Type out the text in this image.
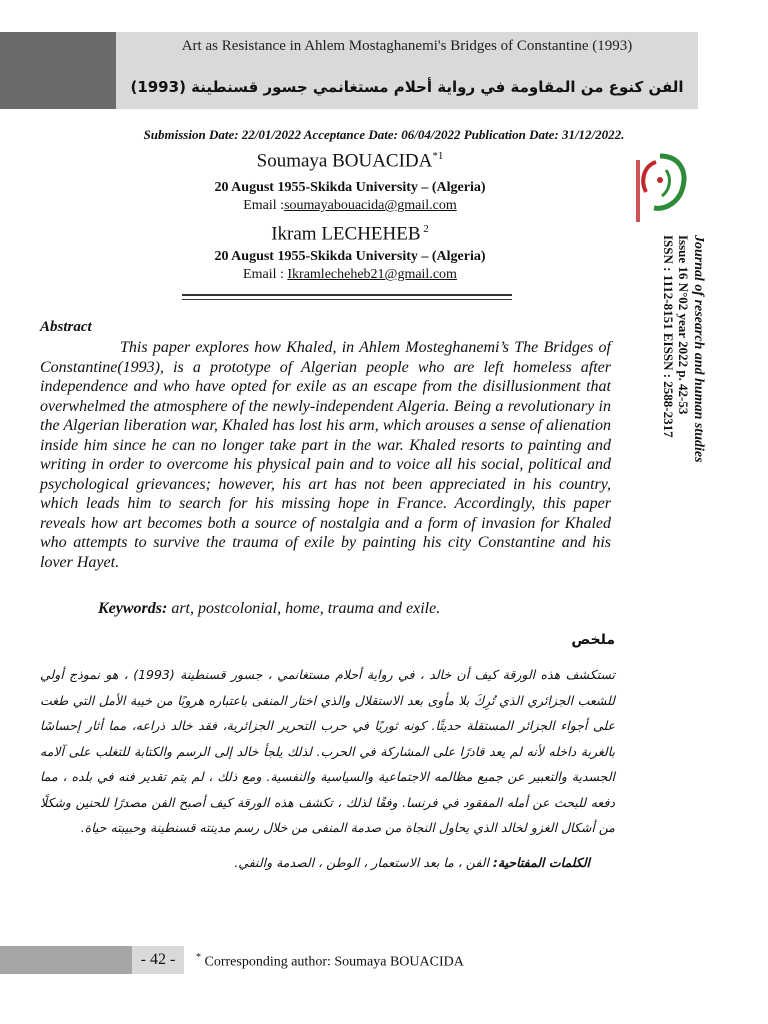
Art as Resistance in Ahlem Mostaghanemi's Bridges of Constantine (1993)
الفن كنوع من المقاومة في رواية أحلام مستغانمي جسور قسنطينة (1993)
Submission Date: 22/01/2022 Acceptance Date: 06/04/2022 Publication Date: 31/12/2022.
Soumaya BOUACIDA$^{*1}$
20 August 1955-Skikda University – (Algeria)
Email :soumayabouacida@gmail.com
Ikram LECHEHEB $^2$
20 August 1955-Skikda University – (Algeria)
Email : Ikramlecheheb21@gmail.com	Journal of research and human studies
Issue 16 N°02 year 2022 p. 42-53
ISSN : 1112-8151 EISSN : 2588-2317
Abstract
This paper explores how Khaled, in Ahlem Mosteghanemi’s The Bridges of Constantine(1993), is a prototype of Algerian people who are left homeless after independence and who have opted for exile as an escape from the disillusionment that overwhelmed the atmosphere of the newly-independent Algeria. Being a revolutionary in the Algerian liberation war, Khaled has lost his arm, which arouses a sense of alienation inside him since he can no longer take part in the war. Khaled resorts to painting and writing in order to overcome his physical pain and to voice all his social, political and psychological grievances; however, his art has not been appreciated in his country, which leads him to search for his missing hope in France. Accordingly, this paper reveals how art becomes both a source of nostalgia and a form of invasion for Khaled who attempts to survive the trauma of exile by painting his city Constantine and his lover Hayet.
Keywords: art, postcolonial, home, trauma and exile.
ملخص
تستكشف هذه الورقة كيف أن خالد ، في رواية أحلام مستغانمي ، جسور قسنطينة (1993) ، هو نموذج أولي للشعب الجزائري الذي تُرِكَ بلا مأوى بعد الاستقلال والذي اختار المنفى باعتباره هروبًا من خيبة الأمل التي طغت على أجواء الجزائر المستقلة حديثًا. كونه ثوريًا في حرب التحرير الجزائرية، فقد خالد ذراعه، مما أثار إحساسًا بالغربة داخله لأنه لم يعد قادرًا على المشاركة في الحرب. لذلك يلجأ خالد إلى الرسم والكتابة للتغلب على آلامه الجسدية والتعبير عن جميع مظالمه الاجتماعية والسياسية والنفسية. ومع ذلك ، لم يتم تقدير فنه في بلده ، مما دفعه للبحث عن أمله المفقود في فرنسا. وفقًا لذلك ، تكشف هذه الورقة كيف أصبح الفن مصدرًا للحنين وشكلًا من أشكال الغزو لخالد الذي يحاول النجاة من صدمة المنفى من خلال رسم مدينته قسنطينة وحبيبته حياة.
الكلمات المفتاحية: الفن ، ما بعد الاستعمار ، الوطن ، الصدمة والنفي.
- 42 -	* Corresponding author: Soumaya BOUACIDA
